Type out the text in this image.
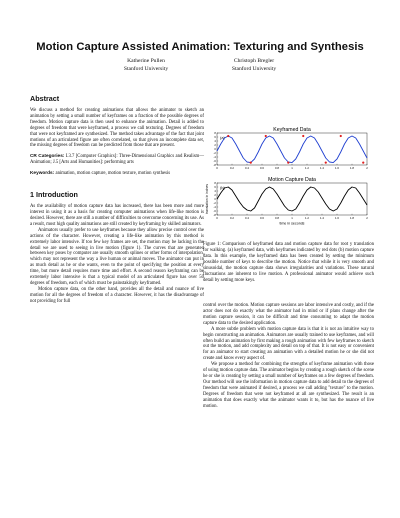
Motion Capture Assisted Animation: Texturing and Synthesis
Katherine Pullen
Stanford University
Christoph Bregler
Stanford University
Abstract

We discuss a method for creating animations that allows the animator to sketch an animation by setting a small number of keyframes on a fraction of the possible degrees of freedom. Motion capture data is then used to enhance the animation. Detail is added to degrees of freedom that were keyframed, a process we call texturing. Degrees of freedom that were not keyframed are synthesized. The method takes advantage of the fact that joint motions of an articulated figure are often correlated, so that given an incomplete data set, the missing degrees of freedom can be predicted from those that are present.

CR Categories: I.3.7 [Computer Graphics]: Three-Dimensional Graphics and Realism—Animation; J.5 [Arts and Humanities]: performing arts

Keywords: animation, motion capture, motion texture, motion synthesis

1 Introduction

As the availability of motion capture data has increased, there has been more and more interest in using it as a basis for creating computer animations when life-like motion is desired. However, there are still a number of difficulties to overcome concerning its use. As a result, most high quality animations are still created by keyframing by skilled animators.

Animators usually prefer to use keyframes because they allow precise control over the actions of the character. However, creating a life-like animation by this method is extremely labor intensive. If too few key frames are set, the motion may be lacking in the detail we are used to seeing in live motion (figure 1). The curves that are generated between key poses by computer are usually smooth splines or other forms of interpolation, which may not represent the way a live human or animal moves. The animator can put in as much detail as he or she wants, even to the point of specifying the position at every time, but more detail requires more time and effort. A second reason keyframing can be extremely labor intensive is that a typical model of an articulated figure has over 50 degrees of freedom, each of which must be painstakingly keyframed.

Motion capture data, on the other hand, provides all the detail and nuance of live motion for all the degrees of freedom of a character. However, it has the disadvantage of not providing for full

Keyframed Data
(a)
0	0.2	0.4	0.6	0.8	1	1.2	1.4	1.6	1.8	2
-8
-6
-4
-2
0
2
4
6
8
Motion Capture Data
(b)
0	0.2	0.4	0.6	0.8	1	1.2	1.4	1.6	1.8	2
-8
-6
-4
-2
0
2
4
6
8
translation in inches
time in seconds
Figure 1: Comparison of keyframed data and motion capture data for root y translation for walking. (a) keyframed data, with keyframes indicated by red dots (b) motion capture data. In this example, the keyframed data has been created by setting the minimum possible number of keys to describe the motion. Notice that while it is very smooth and sinusoidal, the motion capture data shows irregularities and variations. These natural fluctuations are inherent to live motion. A professional animator would achieve such detail by setting more keys.

control over the motion. Motion capture sessions are labor intensive and costly, and if the actor does not do exactly what the animator had in mind or if plans change after the motion capture session, it can be difficult and time consuming to adapt the motion capture data to the desired application.

A more subtle problem with motion capture data is that it is not an intuitive way to begin constructing an animation. Animators are usually trained to use keyframes, and will often build an animation by first making a rough animation with few keyframes to sketch out the motion, and add complexity and detail on top of that. It is not easy or convenient for an animator to start creating an animation with a detailed motion he or she did not create and know every aspect of.

We propose a method for combining the strengths of keyframe animation with those of using motion capture data. The animator begins by creating a rough sketch of the scene he or she is creating by setting a small number of keyframes on a few degrees of freedom. Our method will use the information in motion capture data to add detail to the degrees of freedom that were animated if desired, a process we call adding "texture" to the motion. Degrees of freedom that were not keyframed at all are synthesized. The result is an animation that does exactly what the animator wants it to, but has the nuance of live motion.
